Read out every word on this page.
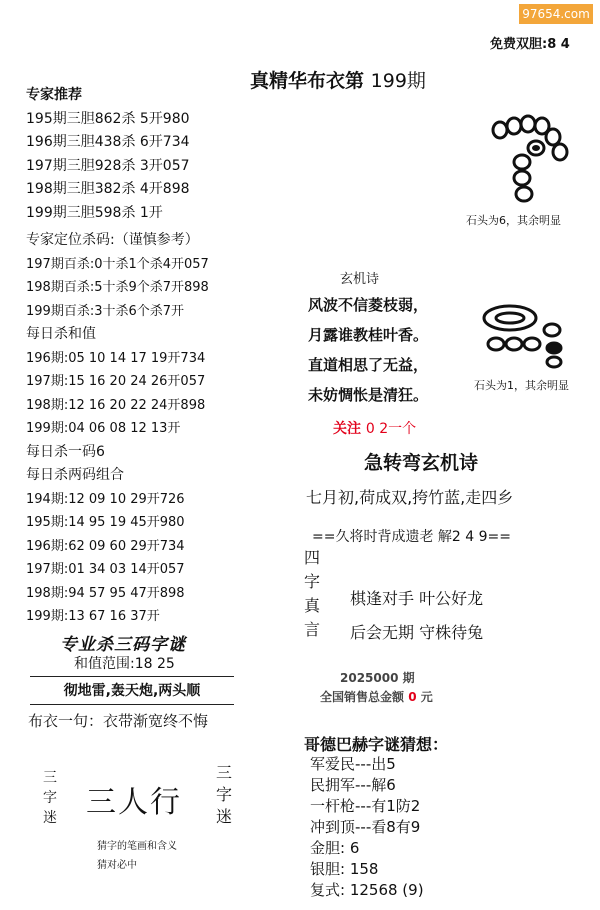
97654.com
免费双胆:8 4
真精华布衣第 199期
专家推荐
195期三胆862杀 5开980
196期三胆438杀 6开734
197期三胆928杀 3开057
198期三胆382杀 4开898
199期三胆598杀 1开
专家定位杀码:（谨慎参考）
197期百杀:0十杀1个杀4开057
198期百杀:5十杀9个杀7开898
199期百杀:3十杀6个杀7开
每日杀和值
196期:05 10 14 17 19开734
197期:15 16 20 24 26开057
198期:12 16 20 22 24开898
199期:04 06 08 12 13开
每日杀一码6
每日杀两码组合
194期:12 09 10 29开726
195期:14 95 19 45开980
196期:62 09 60 29开734
197期:01 34 03 14开057
198期:94 57 95 47开898
199期:13 67 16 37开
专业杀三码字谜
和值范围:18 25
彻地雷,轰天炮,两头顺
布衣一句：衣带渐宽终不悔
三字迷 三人行
三字迷
猜字的笔画和含义
猜对必中
石头为6，其余明显
玄机诗
风波不信菱枝弱，
月露谁教桂叶香。
直道相思了无益，
未妨惆怅是清狂。
石头为1，其余明显
关注 0 2一个
急转弯玄机诗
七月初,荷成双,挎竹蓝,走四乡
==久将时背成遗老 解2 4 9==
四字真言
棋逢对手 叶公好龙
后会无期 守株待兔
2025000 期
全国销售总金额 0 元
哥德巴赫字谜猜想：
军爱民---出5
民拥军---解6
一杆枪---有1防2
冲到顶---看8有9
金胆: 6
银胆: 158
复式: 12568 (9)
